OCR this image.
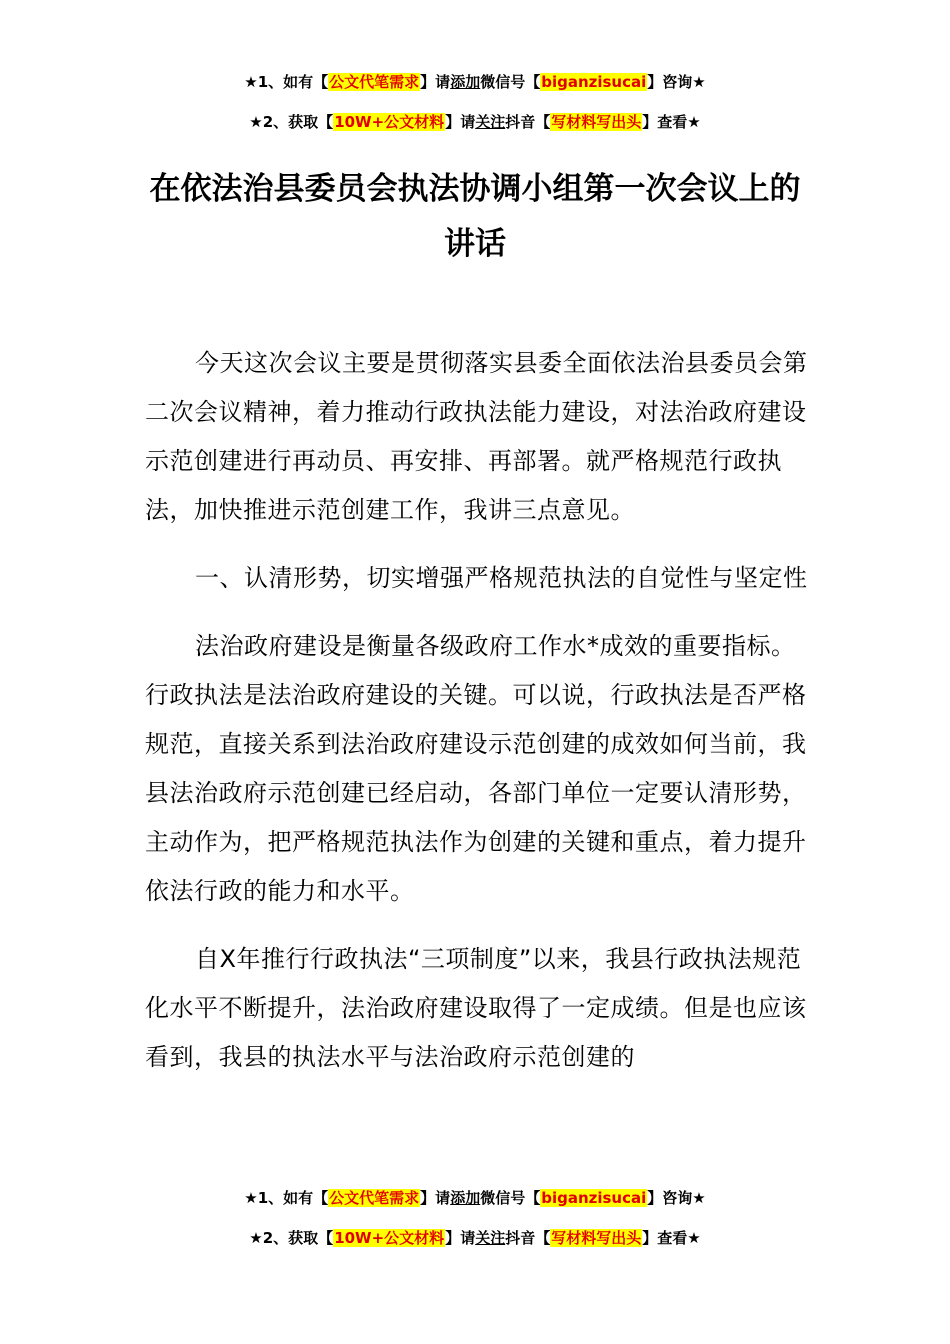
★1、如有【公文代笔需求】请添加微信号【biganzisucai】咨询★
★2、获取【10W+公文材料】请关注抖音【写材料写出头】查看★
在依法治县委员会执法协调小组第一次会议上的讲话

今天这次会议主要是贯彻落实县委全面依法治县委员会第二次会议精神，着力推动行政执法能力建设，对法治政府建设示范创建进行再动员、再安排、再部署。就严格规范行政执法，加快推进示范创建工作，我讲三点意见。

一、认清形势，切实增强严格规范执法的自觉性与坚定性

法治政府建设是衡量各级政府工作水*成效的重要指标。行政执法是法治政府建设的关键。可以说，行政执法是否严格规范，直接关系到法治政府建设示范创建的成效如何当前，我县法治政府示范创建已经启动，各部门单位一定要认清形势，主动作为，把严格规范执法作为创建的关键和重点，着力提升依法行政的能力和水平。

自X年推行行政执法“三项制度”以来，我县行政执法规范化水平不断提升，法治政府建设取得了一定成绩。但是也应该看到，我县的执法水平与法治政府示范创建的

★1、如有【公文代笔需求】请添加微信号【biganzisucai】咨询★
★2、获取【10W+公文材料】请关注抖音【写材料写出头】查看★
